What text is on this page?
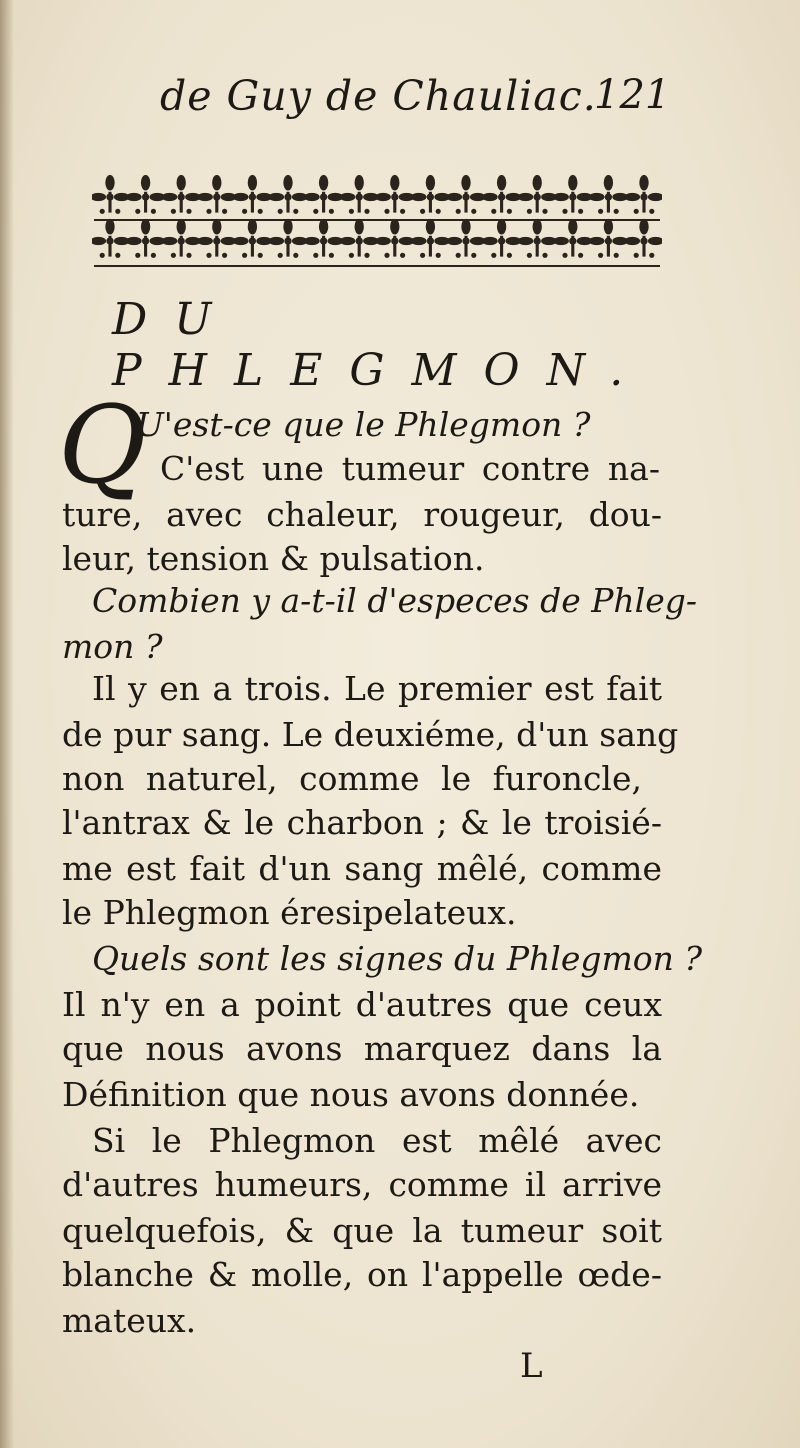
de Guy de Chauliac.
121
DU PHLEGMON.
Q
U'est-ce que le Phlegmon ?
C'est une tumeur contre na-
ture, avec chaleur, rougeur, dou-
leur, tension & pulsation.
Combien y a-t-il d'especes de Phleg-
mon ?
Il y en a trois. Le premier est fait
de pur sang. Le deuxiéme, d'un sang
non naturel, comme le furoncle,
l'antrax & le charbon ; & le troisié-
me est fait d'un sang mêlé, comme
le Phlegmon éresipelateux.
Quels sont les signes du Phlegmon ?
Il n'y en a point d'autres que ceux
que nous avons marquez dans la
Définition que nous avons donnée.
Si le Phlegmon est mêlé avec
d'autres humeurs, comme il arrive
quelquefois, & que la tumeur soit
blanche & molle, on l'appelle œde-
mateux.
L
